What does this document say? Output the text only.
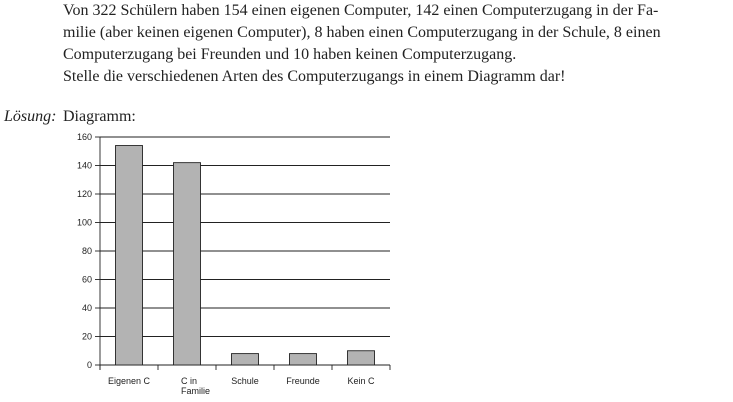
Von 322 Schülern haben 154 einen eigenen Computer, 142 einen Computerzugang in der Fa-

milie (aber keinen eigenen Computer), 8 haben einen Computerzugang in der Schule, 8 einen

Computerzugang bei Freunden und 10 haben keinen Computerzugang.

Stelle die verschiedenen Arten des Computerzugangs in einem Diagramm dar!

Lösung: Diagramm:
0
20
40
60
80
100
120
140
160
Eigenen C	C in Familie
Schule	Freunde	Kein C
